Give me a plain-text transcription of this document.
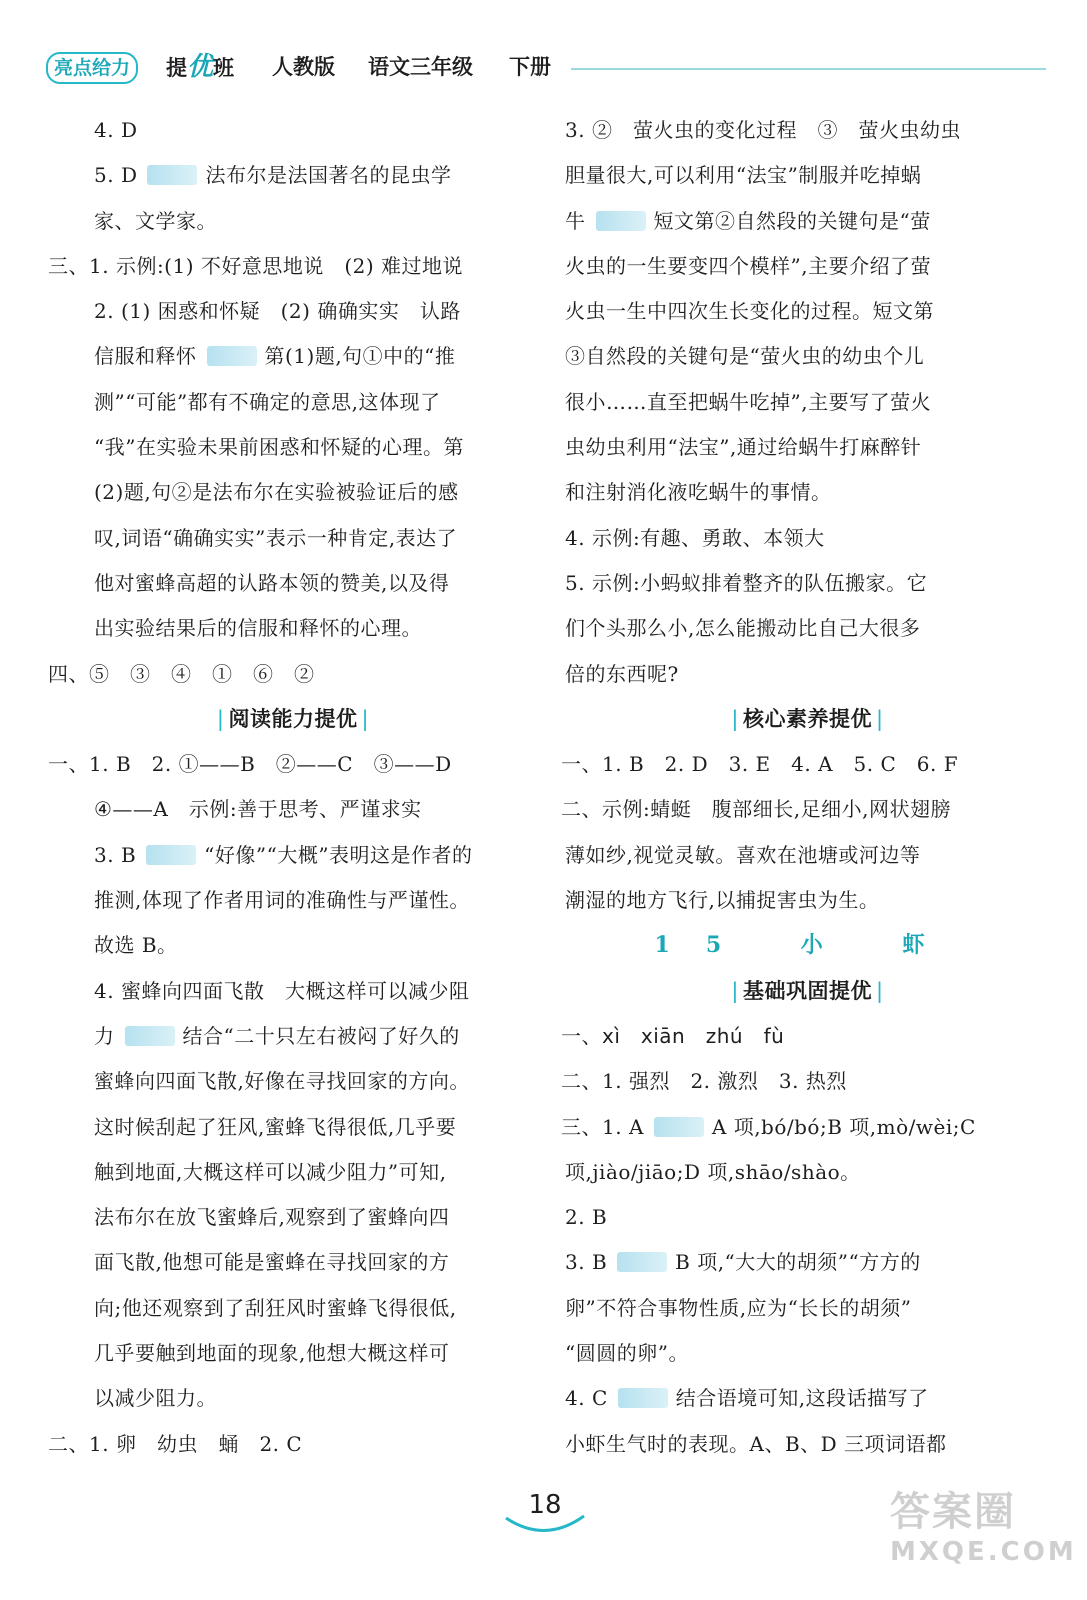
亮点给力	提优班 人教版 语文三年级 下册
4. D
5. D	法布尔是法国著名的昆虫学
家、文学家。
三、1. 示例:(1) 不好意思地说　(2) 难过地说
2. (1) 困惑和怀疑　(2) 确确实实　认路
信服和释怀	第(1)题,句①中的“推
测”“可能”都有不确定的意思,这体现了
“我”在实验未果前困惑和怀疑的心理。第
(2)题,句②是法布尔在实验被验证后的感
叹,词语“确确实实”表示一种肯定,表达了
他对蜜蜂高超的认路本领的赞美,以及得
出实验结果后的信服和释怀的心理。
四、⑤　③　④　①　⑥　②
| 阅读能力提优 |
一、1. B　2. ①——B　②——C　③——D
④——A　示例:善于思考、严谨求实
3. B	“好像”“大概”表明这是作者的
推测,体现了作者用词的准确性与严谨性。
故选 B。
4. 蜜蜂向四面飞散　大概这样可以减少阻
力	结合“二十只左右被闷了好久的
蜜蜂向四面飞散,好像在寻找回家的方向。
这时候刮起了狂风,蜜蜂飞得很低,几乎要
触到地面,大概这样可以减少阻力”可知,
法布尔在放飞蜜蜂后,观察到了蜜蜂向四
面飞散,他想可能是蜜蜂在寻找回家的方
向;他还观察到了刮狂风时蜜蜂飞得很低,
几乎要触到地面的现象,他想大概这样可
以减少阻力。
二、1. 卵　幼虫　蛹　2. C
3. ②　萤火虫的变化过程　③　萤火虫幼虫
胆量很大,可以利用“法宝”制服并吃掉蜗
牛	短文第②自然段的关键句是“萤
火虫的一生要变四个模样”,主要介绍了萤
火虫一生中四次生长变化的过程。短文第
③自然段的关键句是“萤火虫的幼虫个儿
很小……直至把蜗牛吃掉”,主要写了萤火
虫幼虫利用“法宝”,通过给蜗牛打麻醉针
和注射消化液吃蜗牛的事情。
4. 示例:有趣、勇敢、本领大
5. 示例:小蚂蚁排着整齐的队伍搬家。它
们个头那么小,怎么能搬动比自己大很多
倍的东西呢?
| 核心素养提优 |
一、1. B　2. D　3. E　4. A　5. C　6. F
二、示例:蜻蜓　腹部细长,足细小,网状翅膀
薄如纱,视觉灵敏。喜欢在池塘或河边等
潮湿的地方飞行,以捕捉害虫为生。
15 小 虾
| 基础巩固提优 |
一、xì　xiān　zhú　fù
二、1. 强烈　2. 激烈　3. 热烈
三、1. A	A 项,bó/bó;B 项,mò/wèi;C
项,jiào/jiāo;D 项,shāo/shào。
2. B
3. B	B 项,“大大的胡须”“方方的
卵”不符合事物性质,应为“长长的胡须”
“圆圆的卵”。
4. C	结合语境可知,这段话描写了
小虾生气时的表现。A、B、D 三项词语都
18	答案圈
MXQE.COM
